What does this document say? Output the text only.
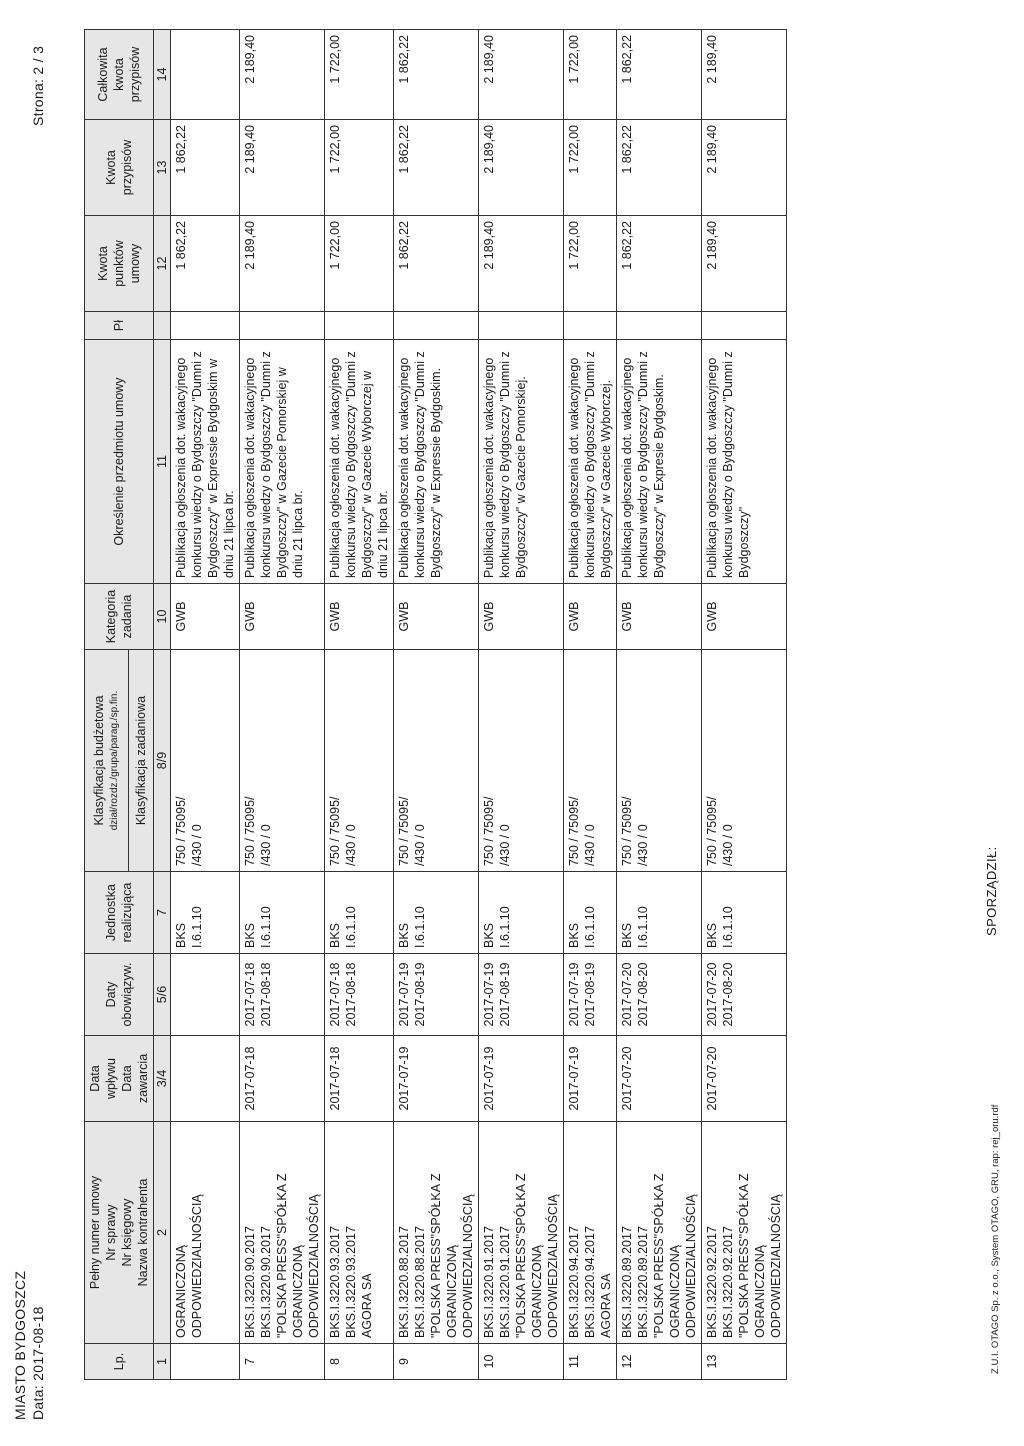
MIASTO BYDGOSZCZ Data: 2017-08-18
Strona: 2 / 3
Lp.	Pełny numer umowy Nr sprawy Nr księgowy Nazwa kontrahenta	Data wpływu Data zawarcia	Daty obowiązyw.	Jednostka realizująca	Klasyfikacja budżetowa dział/rozdz./grupa/parag./sp.fin.	Kategoria zadania	Określenie przedmiotu umowy	Pł	Kwota punktów umowy	Kwota przypisów	Całkowita kwota przypisów

					Klasyfikacja zadaniowa						
1	2	3/4	5/6	7	8/9	10	11		12	13	14

	OGRANICZONĄ ODPOWIEDZIALNOŚCIĄ			BKS I.6.1.10	750 / 75095/ /430 / 0	GWB	Publikacja ogłoszenia dot. wakacyjnego konkursu wiedzy o Bydgoszczy "Dumni z Bydgoszczy" w Expressie Bydgoskim w dniu 21 lipca br.		1 862,22	1 862,22	
7	BKS.I.3220.90.2017 BKS.I.3220.90.2017 "POLSKA PRESS"SPÓŁKA Z OGRANICZONĄ ODPOWIEDZIALNOŚCIĄ	2017-07-18	2017-07-18 2017-08-18	BKS I.6.1.10	750 / 75095/ /430 / 0	GWB	Publikacja ogłoszenia dot. wakacyjnego konkursu wiedzy o Bydgoszczy "Dumni z Bydgoszczy" w Gazecie Pomorskiej w dniu 21 lipca br.		2 189,40	2 189,40	2 189,40
8	BKS.I.3220.93.2017 BKS.I.3220.93.2017 AGORA SA	2017-07-18	2017-07-18 2017-08-18	BKS I.6.1.10	750 / 75095/ /430 / 0	GWB	Publikacja ogłoszenia dot. wakacyjnego konkursu wiedzy o Bydgoszczy "Dumni z Bydgoszczy" w Gazecie Wyborczej w dniu 21 lipca br.		1 722,00	1 722,00	1 722,00
9	BKS.I.3220.88.2017 BKS.I.3220.88.2017 "POLSKA PRESS"SPÓŁKA Z OGRANICZONĄ ODPOWIEDZIALNOŚCIĄ	2017-07-19	2017-07-19 2017-08-19	BKS I.6.1.10	750 / 75095/ /430 / 0	GWB	Publikacja ogłoszenia dot. wakacyjnego konkursu wiedzy o Bydgoszczy "Dumni z Bydgoszczy" w Expressie Bydgoskim.		1 862,22	1 862,22	1 862,22
10	BKS.I.3220.91.2017 BKS.I.3220.91.2017 "POLSKA PRESS"SPÓŁKA Z OGRANICZONĄ ODPOWIEDZIALNOŚCIĄ	2017-07-19	2017-07-19 2017-08-19	BKS I.6.1.10	750 / 75095/ /430 / 0	GWB	Publikacja ogłoszenia dot. wakacyjnego konkursu wiedzy o Bydgoszczy "Dumni z Bydgoszczy" w Gazecie Pomorskiej.		2 189,40	2 189,40	2 189,40
11	BKS.I.3220.94.2017 BKS.I.3220.94.2017 AGORA SA	2017-07-19	2017-07-19 2017-08-19	BKS I.6.1.10	750 / 75095/ /430 / 0	GWB	Publikacja ogłoszenia dot. wakacyjnego konkursu wiedzy o Bydgoszczy "Dumni z Bydgoszczy" w Gazecie Wyborczej.		1 722,00	1 722,00	1 722,00
12	BKS.I.3220.89.2017 BKS.I.3220.89.2017 "POLSKA PRESS"SPÓŁKA Z OGRANICZONĄ ODPOWIEDZIALNOŚCIĄ	2017-07-20	2017-07-20 2017-08-20	BKS I.6.1.10	750 / 75095/ /430 / 0	GWB	Publikacja ogłoszenia dot. wakacyjnego konkursu wiedzy o Bydgoszczy "Dumni z Bydgoszczy" w Expresie Bydgoskim.		1 862,22	1 862,22	1 862,22
13	BKS.I.3220.92.2017 BKS.I.3220.92.2017 "POLSKA PRESS"SPÓŁKA Z OGRANICZONĄ ODPOWIEDZIALNOŚCIĄ	2017-07-20	2017-07-20 2017-08-20	BKS I.6.1.10	750 / 75095/ /430 / 0	GWB	Publikacja ogłoszenia dot. wakacyjnego konkursu wiedzy o Bydgoszczy "Dumni z Bydgoszczy"		2 189,40	2 189,40	2 189,40
Z.U.I. OTAGO Sp. z o.o., System OTAGO, GRU, rap: rej_oru.rdf
SPORZĄDZIŁ:
